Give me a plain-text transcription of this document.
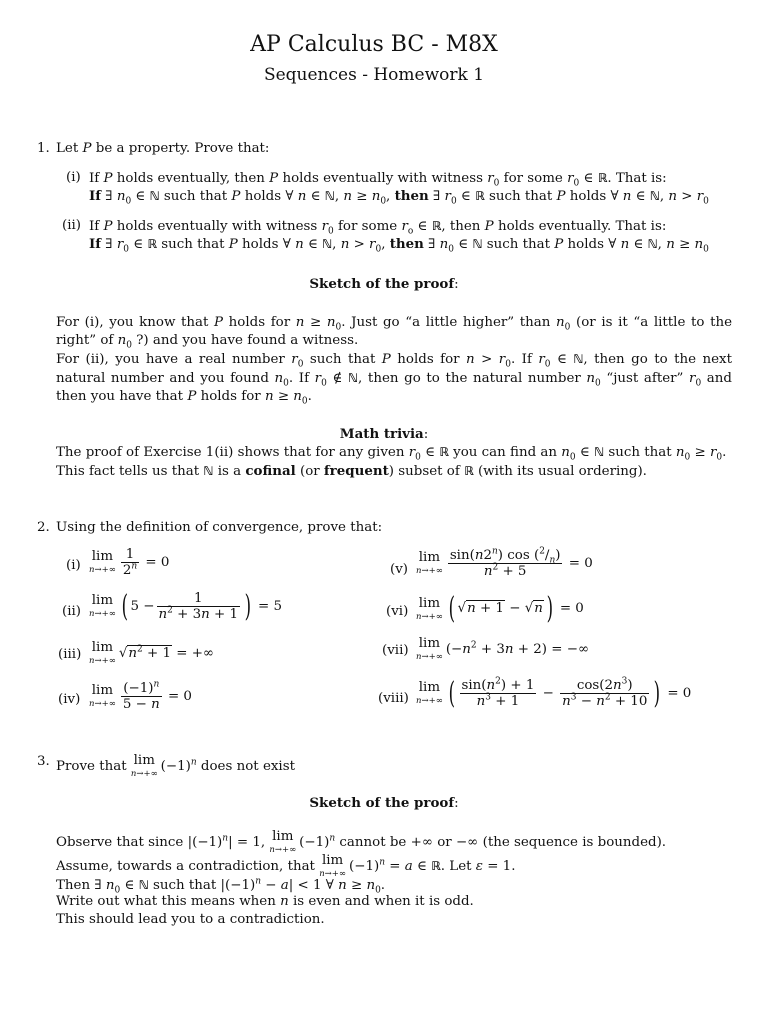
AP Calculus BC - M8X
Sequences - Homework 1
1. Let P be a property. Prove that:
(i) If P holds eventually, then P holds eventually with witness $r_0$ for some $r_0$ ∈ ℝ. That is:
If ∃ $n_0$ ∈ ℕ such that P holds ∀ n ∈ ℕ, $n \ge n_0$, then ∃ $r_0$ ∈ ℝ such that P holds ∀ n ∈ ℕ, $n > r_0$
(ii) If P holds eventually with witness $r_0$ for some $r_o$ ∈ ℝ, then P holds eventually. That is:
If ∃ $r_0$ ∈ ℝ such that P holds ∀ n ∈ ℕ, $n > r_0$, then ∃ $n_0$ ∈ ℕ such that P holds ∀ n ∈ ℕ, $n \ge n_0$
Sketch of the proof:
For (i), you know that P holds for $n \ge n_0$. Just go “a little higher” than $n_0$ (or is it “a little to the right” of $n_0$ ?) and you have found a witness.
For (ii), you have a real number $r_0$ such that P holds for $n > r_0$. If $r_0$ ∈ ℕ, then go to the next natural number and you found $n_0$. If $r_0$ ∉ ℕ, then go to the natural number $n_0$ “just after” $r_0$ and then you have that P holds for $n \ge n_0$.
Math trivia:
The proof of Exercise 1(ii) shows that for any given $r_0$ ∈ ℝ you can find an $n_0$ ∈ ℕ such that $n_0 \ge r_0$.
This fact tells us that ℕ is a cofinal (or frequent) subset of ℝ (with its usual ordering).
2. Using the definition of convergence, prove that:
(i)
lim
$n\to+\infty \frac{1}{2^n} = 0$
(ii)
lim
n→+∞ ( $5 - \frac{1}{n^2 + 3n + 1}$ ) = 5
(iii) lim
n→+∞
$√n^2 + 1$ = +∞
(iv)
lim
$n\to+\infty \frac{(-1)^n}{5 - n} = 0$
(v)
lim
$n\to+\infty \frac{\sin(n2^n) \cos (^2/_n)}{n^2 + 5} = 0$
(vi)
lim
n→+∞ ( √n + 1 − √n ) = 0
(vii) lim
n→+∞
$(-n^2 + 3n + 2)$ = −∞
(viii)
lim
n→+∞ ( $\frac{\sin(n^2) + 1}{n^3 + 1} - \frac{\cos(2n^3)}{n^3 - n^2 + 10}$ ) = 0
3. Prove that lim
n→+∞
$(-1)^n$ does not exist
Sketch of the proof:
Observe that since $|(-1)^n| = 1$, lim
n→+∞
$(-1)^n$ cannot be +∞ or −∞ (the sequence is bounded).
Assume, towards a contradiction, that lim
n→+∞ $(-1)^n = a$ ∈ ℝ. Let ε = 1.
Then ∃ $n_0$ ∈ ℕ such that $|(-1)^n - a| < 1$ ∀ $n \ge n_0$.
Write out what this means when n is even and when it is odd.
This should lead you to a contradiction.
